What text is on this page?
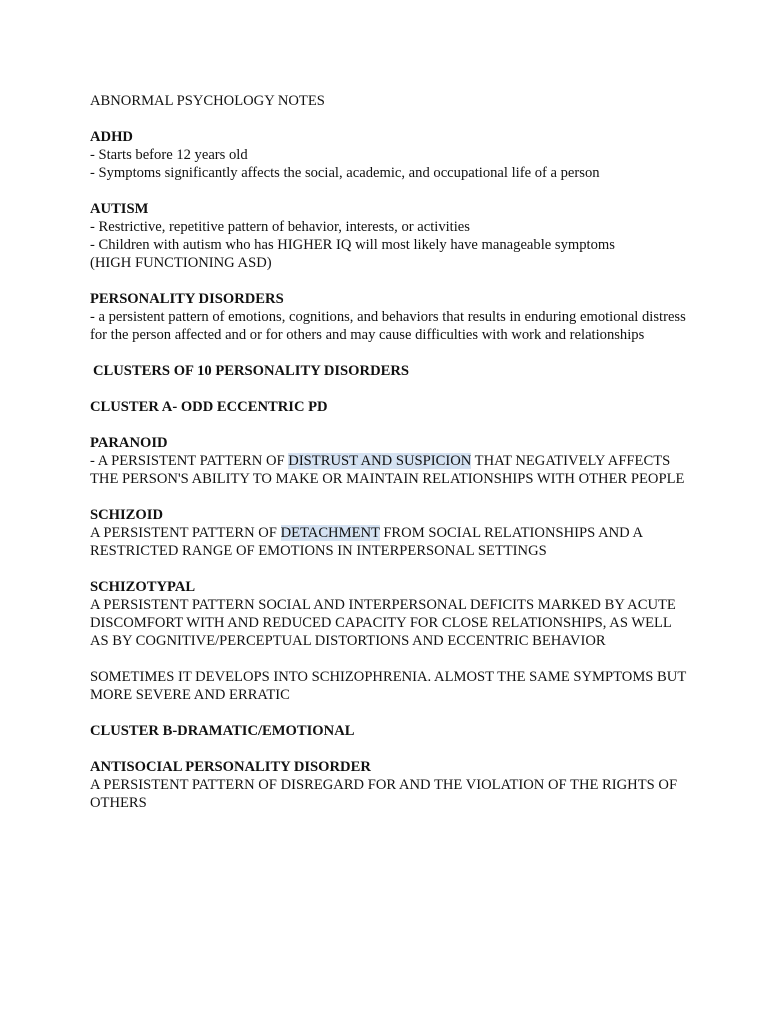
ABNORMAL PSYCHOLOGY NOTES

ADHD

- Starts before 12 years old

- Symptoms significantly affects the social, academic, and occupational life of a person

AUTISM

- Restrictive, repetitive pattern of behavior, interests, or activities

- Children with autism who has HIGHER IQ will most likely have manageable symptoms

(HIGH FUNCTIONING ASD)

PERSONALITY DISORDERS

- a persistent pattern of emotions, cognitions, and behaviors that results in enduring emotional distress for the person affected and or for others and may cause difficulties with work and relationships

CLUSTERS OF 10 PERSONALITY DISORDERS

CLUSTER A- ODD ECCENTRIC PD

PARANOID

- A PERSISTENT PATTERN OF DISTRUST AND SUSPICION THAT NEGATIVELY AFFECTS THE PERSON'S ABILITY TO MAKE OR MAINTAIN RELATIONSHIPS WITH OTHER PEOPLE

SCHIZOID

A PERSISTENT PATTERN OF DETACHMENT FROM SOCIAL RELATIONSHIPS AND A RESTRICTED RANGE OF EMOTIONS IN INTERPERSONAL SETTINGS

SCHIZOTYPAL

A PERSISTENT PATTERN SOCIAL AND INTERPERSONAL DEFICITS MARKED BY ACUTE DISCOMFORT WITH AND REDUCED CAPACITY FOR CLOSE RELATIONSHIPS, AS WELL AS BY COGNITIVE/PERCEPTUAL DISTORTIONS AND ECCENTRIC BEHAVIOR

SOMETIMES IT DEVELOPS INTO SCHIZOPHRENIA. ALMOST THE SAME SYMPTOMS BUT MORE SEVERE AND ERRATIC

CLUSTER B-DRAMATIC/EMOTIONAL

ANTISOCIAL PERSONALITY DISORDER

A PERSISTENT PATTERN OF DISREGARD FOR AND THE VIOLATION OF THE RIGHTS OF OTHERS
